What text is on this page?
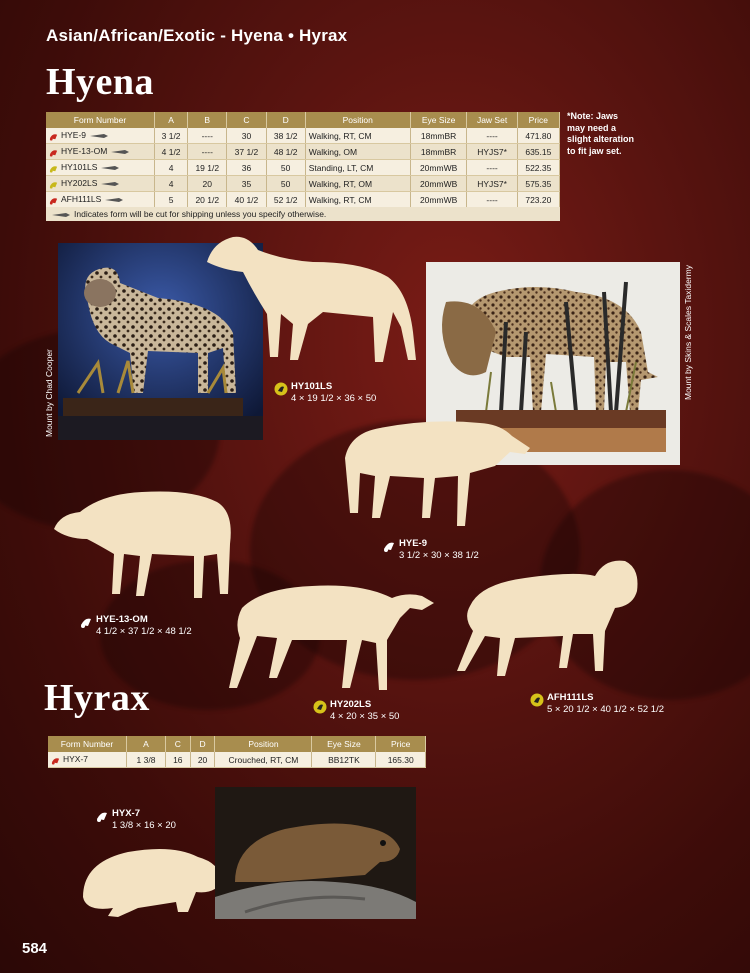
Asian/African/Exotic - Hyena • Hyrax
Hyena
Form Number	A	B	C	D	Position	Eye Size	Jaw Set	Price
HYE-9	3 1/2	----	30	38 1/2	Walking, RT, CM	18mmBR	----	471.80
HYE-13-OM	4 1/2	----	37 1/2	48 1/2	Walking, OM	18mmBR	HYJS7*	635.15
HY101LS	4	19 1/2	36	50	Standing, LT, CM	20mmWB	----	522.35
HY202LS	4	20	35	50	Walking, RT, OM	20mmWB	HYJS7*	575.35
AFH111LS	5	20 1/2	40 1/2	52 1/2	Walking, RT, CM	20mmWB	----	723.20
Indicates form will be cut for shipping unless you specify otherwise.
*Note: Jaws may need a slight alteration to fit jaw set.
Mount by Chad Cooper	Mount by Skins & Scales Taxidermy
HY101LS
4 × 19 1/2 × 36 × 50
HYE-9
3 1/2 × 30 × 38 1/2
HYE-13-OM
4 1/2 × 37 1/2 × 48 1/2
HY202LS
4 × 20 × 35 × 50
AFH111LS
5 × 20 1/2 × 40 1/2 × 52 1/2
Hyrax
Form Number	A	C	D	Position	Eye Size	Price
HYX-7	1 3/8	16	20	Crouched, RT, CM	BB12TK	165.30
HYX-7
1 3/8 × 16 × 20
584
